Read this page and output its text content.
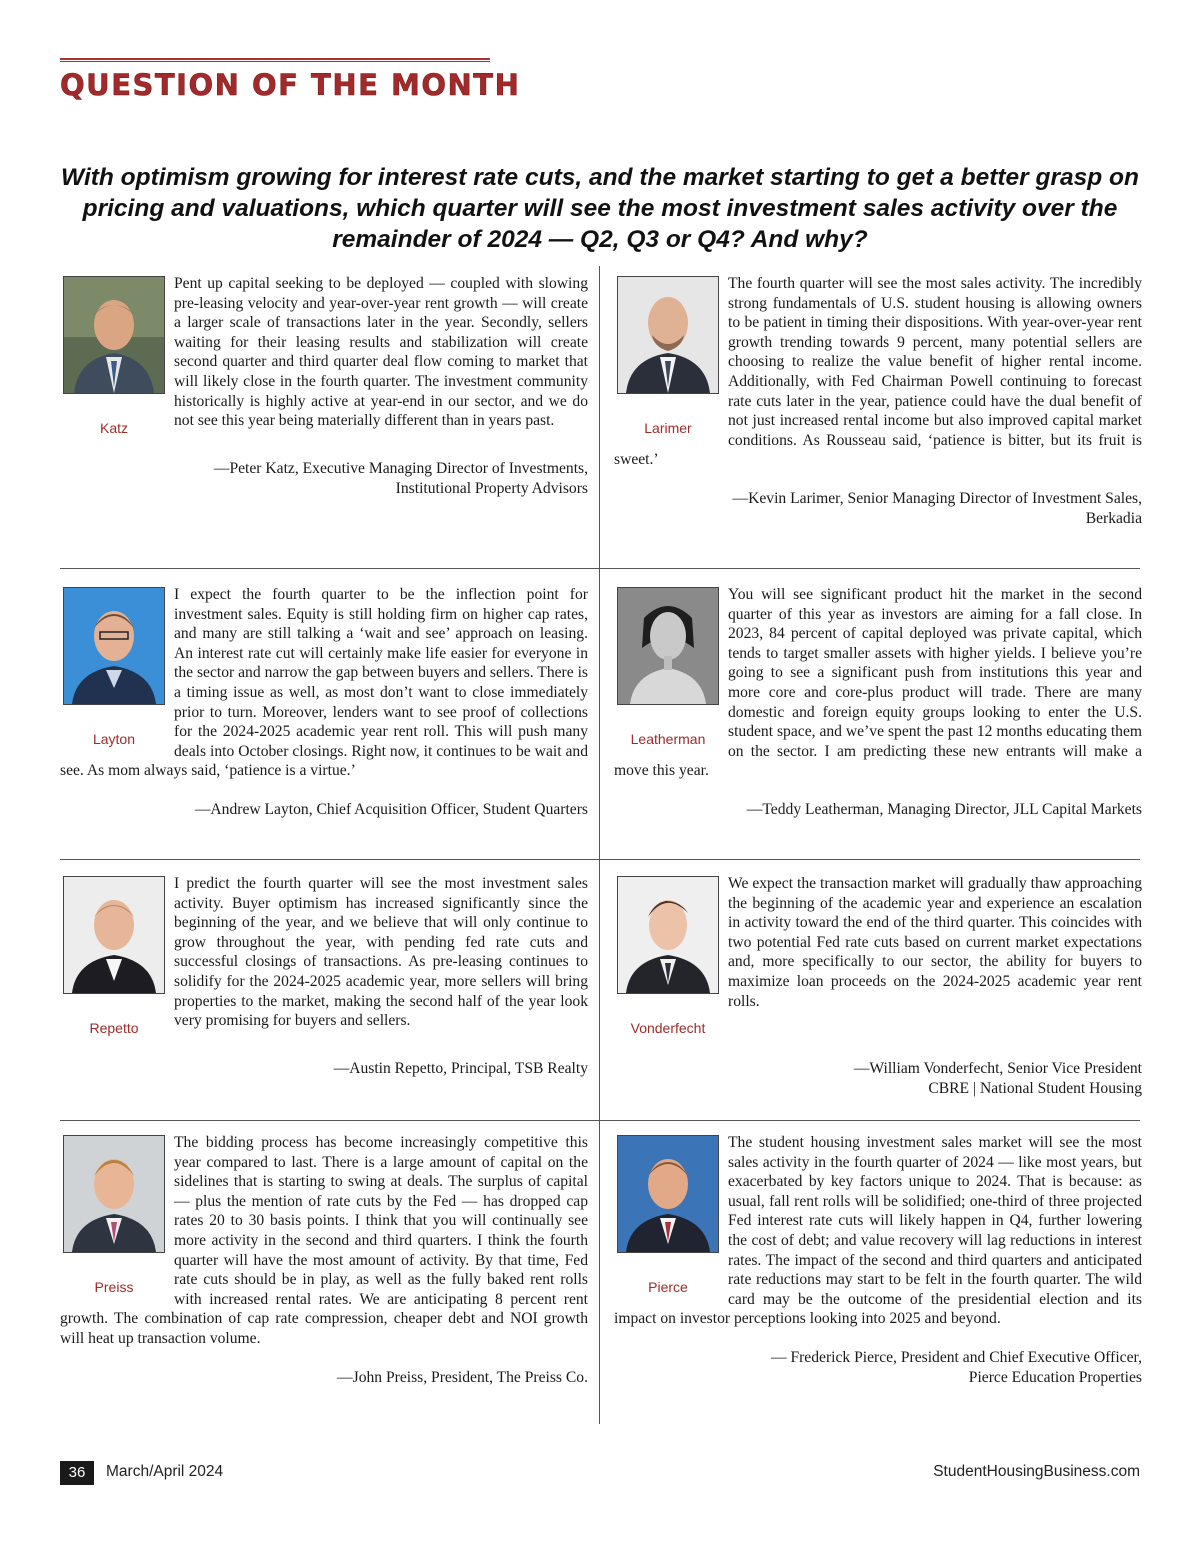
QUESTION OF THE MONTH
With optimism growing for interest rate cuts, and the market starting to get a better grasp on pricing and valuations, which quarter will see the most investment sales activity over the remainder of 2024 — Q2, Q3 or Q4? And why?
Katz
Pent up capital seeking to be deployed — coupled with slowing pre-leasing velocity and year-over-year rent growth — will create a larger scale of transactions later in the year. Secondly, sellers waiting for their leasing results and stabilization will create second quarter and third quarter deal flow coming to market that will likely close in the fourth quarter. The investment community historically is highly active at year-end in our sector, and we do not see this year being materially different than in years past.
—Peter Katz, Executive Managing Director of Investments,
Institutional Property Advisors
Larimer
The fourth quarter will see the most sales activity. The incredibly strong fundamentals of U.S. student housing is allowing owners to be patient in timing their dispositions. With year-over-year rent growth trending towards 9 percent, many potential sellers are choosing to realize the value benefit of higher rental income. Additionally, with Fed Chairman Powell continuing to forecast rate cuts later in the year, patience could have the dual benefit of not just increased rental income but also improved capital market conditions. As Rousseau said, ‘patience is bitter, but its fruit is sweet.’
—Kevin Larimer, Senior Managing Director of Investment Sales,
Berkadia
Layton
I expect the fourth quarter to be the inflection point for investment sales. Equity is still holding firm on higher cap rates, and many are still talking a ‘wait and see’ approach on leasing. An interest rate cut will certainly make life easier for everyone in the sector and narrow the gap between buyers and sellers. There is a timing issue as well, as most don’t want to close immediately prior to turn. Moreover, lenders want to see proof of collections for the 2024-2025 academic year rent roll. This will push many deals into October closings. Right now, it continues to be wait and see. As mom always said, ‘patience is a virtue.’
—Andrew Layton, Chief Acquisition Officer, Student Quarters
Leatherman
You will see significant product hit the market in the second quarter of this year as investors are aiming for a fall close. In 2023, 84 percent of capital deployed was private capital, which tends to target smaller assets with higher yields. I believe you’re going to see a significant push from institutions this year and more core and core-plus product will trade. There are many domestic and foreign equity groups looking to enter the U.S. student space, and we’ve spent the past 12 months educating them on the sector. I am predicting these new entrants will make a move this year.
—Teddy Leatherman, Managing Director, JLL Capital Markets
Repetto
I predict the fourth quarter will see the most investment sales activity. Buyer optimism has increased significantly since the beginning of the year, and we believe that will only continue to grow throughout the year, with pending fed rate cuts and successful closings of transactions. As pre-leasing continues to solidify for the 2024-2025 academic year, more sellers will bring properties to the market, making the second half of the year look very promising for buyers and sellers.
—Austin Repetto, Principal, TSB Realty
Vonderfecht
We expect the transaction market will gradually thaw approaching the beginning of the academic year and experience an escalation in activity toward the end of the third quarter. This coincides with two potential Fed rate cuts based on current market expectations and, more specifically to our sector, the ability for buyers to maximize loan proceeds on the 2024-2025 academic year rent rolls.
—William Vonderfecht, Senior Vice President
CBRE | National Student Housing
Preiss
The bidding process has become increasingly competitive this year compared to last. There is a large amount of capital on the sidelines that is starting to swing at deals. The surplus of capital — plus the mention of rate cuts by the Fed — has dropped cap rates 20 to 30 basis points. I think that you will continually see more activity in the second and third quarters. I think the fourth quarter will have the most amount of activity. By that time, Fed rate cuts should be in play, as well as the fully baked rent rolls with increased rental rates. We are anticipating 8 percent rent growth. The combination of cap rate compression, cheaper debt and NOI growth will heat up transaction volume.
—John Preiss, President, The Preiss Co.
Pierce
The student housing investment sales market will see the most sales activity in the fourth quarter of 2024 — like most years, but exacerbated by key factors unique to 2024. That is because: as usual, fall rent rolls will be solidified; one-third of three projected Fed interest rate cuts will likely happen in Q4, further lowering the cost of debt; and value recovery will lag reductions in interest rates. The impact of the second and third quarters and anticipated rate reductions may start to be felt in the fourth quarter. The wild card may be the outcome of the presidential election and its impact on investor perceptions looking into 2025 and beyond.
— Frederick Pierce, President and Chief Executive Officer,
Pierce Education Properties
36	March/April 2024	StudentHousingBusiness.com
